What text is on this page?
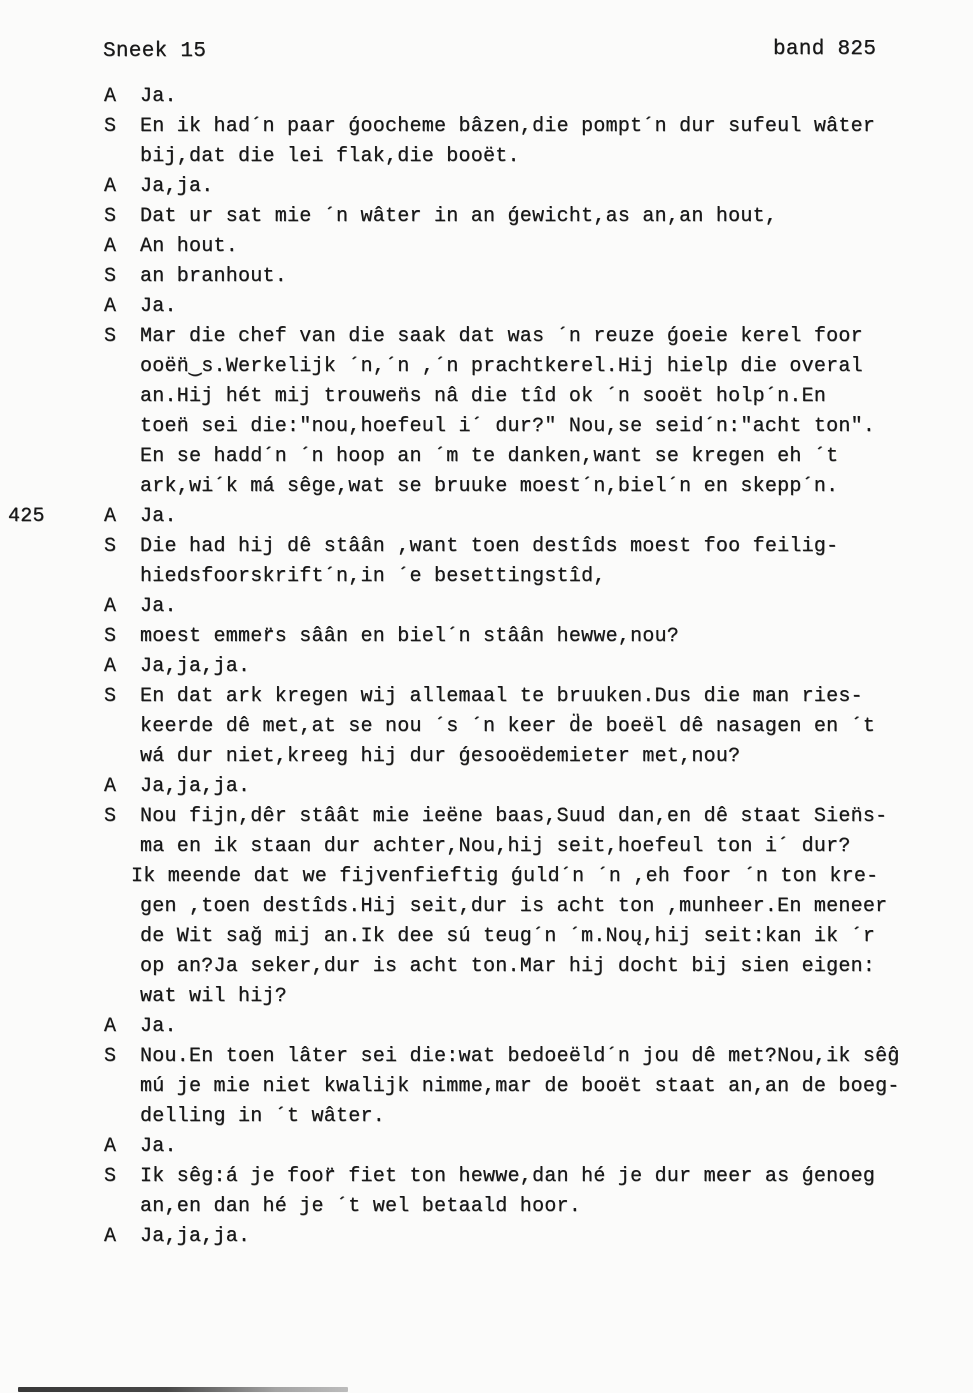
Sneek 15	band 825
A Ja.
S En ik had´n paar ǵoocheme bâzen,die pompt´n dur sufeul wâter
bij,dat die lei flak,die booët.
A Ja,ja.
S Dat ur sat mie ´n wâter in an ǵewicht,as an,an hout,
A An hout.
S an branhout.
A Ja.
S Mar die chef van die saak dat was ´n reuze ǵoeie kerel foor
ooën̈‿s.Werkelijk ´n,´n ,´n prachtkerel.Hij hielp die overal
an.Hij hét mij trouwen̈s nâ die tîd ok ´n sooët holp´n.En
toen̈ sei die:"nou,hoefeul i´ dur?" Nou,se seid´n:"acht ton".
En se hadd´n ´n hoop an ´m te danken,want se kregen eh ´t
ark,wi´k má sêge,wat se bruuke moest´n,biel´n en skepp´n.
425	A Ja.
S Die had hij dê stâân ,want toen destîds moest foo feilig-
hiedsfoorskrift´n,in ´e besettingstîd,
A Ja.
S moest emmer̈s sâân en biel´n stâân hewwe,nou?
A Ja,ja,ja.
S En dat ark kregen wij allemaal te bruuken.Dus die man ries-
keerde dê met,at se nou ´s ´n keer d̈e boeël dê nasagen en ´t
wá dur niet,kreeg hij dur ǵesooëdemieter met,nou?
A Ja,ja,ja.
S Nou fijn,dêr stâât mie ieëne baas,Suud dan,en dê staat Sien̈s-
ma en ik staan dur achter,Nou,hij seit,hoefeul ton i´ dur?
Ik meende dat we fijvenfieftig ǵuld´n ´n ,eh foor ´n ton kre-
gen ,toen destîds.Hij seit,dur is acht ton ,munheer.En meneer
de Wit sağ mij an.Ik dee sú teug´n ´m.Noų,hij seit:kan ik ´r
op an?Ja seker,dur is acht ton.Mar hij docht bij sien eigen:
wat wil hij?
A Ja.
S Nou.En toen lâter sei die:wat bedoeëld´n jou dê met?Nou,ik sêĝ
mú je mie niet kwalijk nimme,mar de booët staat an,an de boeg-
delling in ´t wâter.
A Ja.
S Ik sêg:á je foor̈ fiet ton hewwe,dan hé je dur meer as ǵenoeg
an,en dan hé je ´t wel betaald hoor.
A Ja,ja,ja.
